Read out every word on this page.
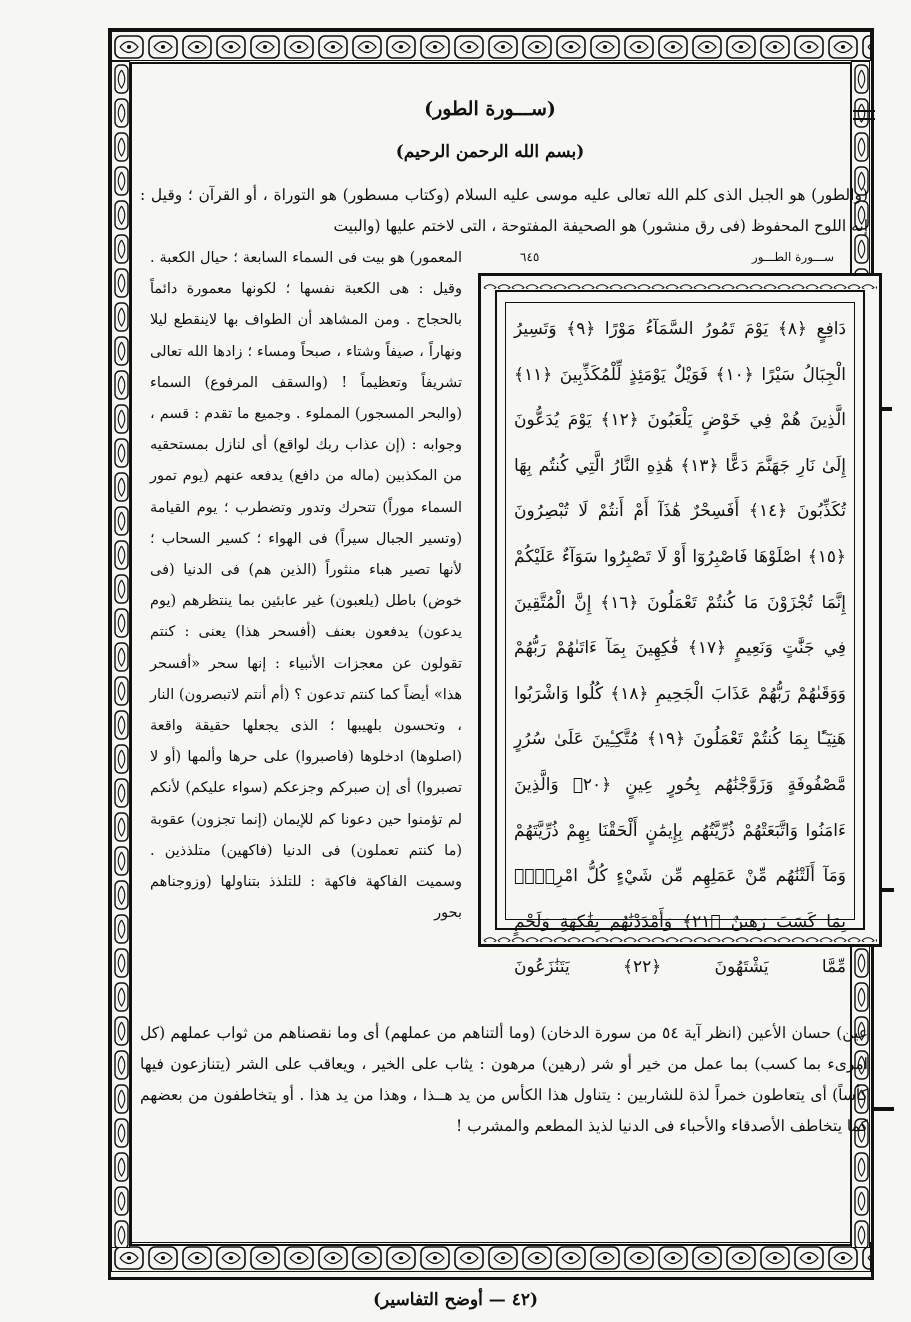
(ســـورة الطور)
(بسم الله الرحمن الرحيم)
(والطور) هو الجبل الذى كلم الله تعالى عليه موسى عليه السلام (وكتاب مسطور) هو التوراة ، أو القرآن ؛ وقيل : إنه اللوح المحفوظ (فى رق منشور) هو الصحيفة المفتوحة ، التى لاختم عليها (والبيت
٦٤٥	ســـورة الطـــور
دَافِعٍ ﴿٨﴾ يَوْمَ تَمُورُ السَّمَآءُ مَوْرًا ﴿٩﴾ وَتَسِيرُ الْجِبَالُ سَيْرًا ﴿١٠﴾ فَوَيْلٌ يَوْمَئِذٍ لِّلْمُكَذِّبِينَ ﴿١١﴾ الَّذِينَ هُمْ فِي خَوْضٍ يَلْعَبُونَ ﴿١٢﴾ يَوْمَ يُدَعُّونَ إِلَىٰ نَارِ جَهَنَّمَ دَعًّا ﴿١٣﴾ هَٰذِهِ النَّارُ الَّتِي كُنتُم بِهَا تُكَذِّبُونَ ﴿١٤﴾ أَفَسِحْرٌ هَٰذَآ أَمْ أَنتُمْ لَا تُبْصِرُونَ ﴿١٥﴾ اصْلَوْهَا فَاصْبِرُوٓا أَوْ لَا تَصْبِرُوا سَوَآءٌ عَلَيْكُمْ إِنَّمَا تُجْزَوْنَ مَا كُنتُمْ تَعْمَلُونَ ﴿١٦﴾ إِنَّ الْمُتَّقِينَ فِي جَنَّٰتٍ وَنَعِيمٍ ﴿١٧﴾ فَٰكِهِينَ بِمَآ ءَاتَىٰهُمْ رَبُّهُمْ وَوَقَىٰهُمْ رَبُّهُمْ عَذَابَ الْجَحِيمِ ﴿١٨﴾ كُلُوا وَاشْرَبُوا هَنِيٓـًٔا بِمَا كُنتُمْ تَعْمَلُونَ ﴿١٩﴾ مُتَّكِـِٔينَ عَلَىٰ سُرُرٍ مَّصْفُوفَةٍ وَزَوَّجْنَٰهُم بِحُورٍ عِينٍ ﴿٢٠﴾ وَالَّذِينَ ءَامَنُوا وَاتَّبَعَتْهُمْ ذُرِّيَّتُهُم بِإِيمَٰنٍ أَلْحَقْنَا بِهِمْ ذُرِّيَّتَهُمْ وَمَآ أَلَتْنَٰهُم مِّنْ عَمَلِهِم مِّن شَيْءٍ كُلُّ امْرِيٍٕۭ بِمَا كَسَبَ رَهِينٌ ﴿٢١﴾ وَأَمْدَدْنَٰهُم بِفَٰكِهَةٍ وَلَحْمٍ مِّمَّا يَشْتَهُونَ ﴿٢٢﴾ يَتَنَٰزَعُونَ
المعمور) هو بيت فى السماء السابعة ؛ حيال الكعبة . وقيل : هى الكعبة نفسها ؛ لكونها معمورة دائماً بالحجاج . ومن المشاهد أن الطواف بها لاينقطع ليلا ونهاراً ، صيفاً وشتاء ، صبحاً ومساء ؛ زادها الله تعالى تشريفاً وتعظيماً ! (والسقف المرفوع) السماء (والبحر المسجور) المملوء . وجميع ما تقدم : قسم ، وجوابه : (إن عذاب ربك لواقع) أى لنازل بمستحقيه من المكذبين (ماله من دافع) يدفعه عنهم (يوم تمور السماء موراً) تتحرك وتدور وتضطرب ؛ يوم القيامة (وتسير الجبال سيراً) فى الهواء ؛ كسير السحاب ؛ لأنها تصير هباء منثوراً (الذين هم) فى الدنيا (فى خوض) باطل (يلعبون) غير عابئين بما ينتظرهم (يوم يدعون) يدفعون بعنف (أفسحر هذا) يعنى : كنتم تقولون عن معجزات الأنبياء : إنها سحر «أفسحر هذا» أيضاً كما كنتم تدعون ؟ (أم أنتم لاتبصرون) النار ، وتحسون بلهيبها ؛ الذى يجعلها حقيقة واقعة (اصلوها) ادخلوها (فاصبروا) على حرها وألمها (أو لا تصبروا) أى إن صبركم وجزعكم (سواء عليكم) لأنكم لم تؤمنوا حين دعونا كم للإيمان (إنما تجزون) عقوبة (ما كنتم تعملون) فى الدنيا (فاكهين) متلذذين . وسميت الفاكهة فاكهة : للتلذذ بتناولها (وزوجناهم بحور
عين) حسان الأعين (انظر آية ٥٤ من سورة الدخان) (وما ألتناهم من عملهم) أى وما نقصناهم من ثواب عملهم (كل امرىء بما كسب) بما عمل من خير أو شر (رهين) مرهون : يثاب على الخير ، ويعاقب على الشر (يتنازعون فيها كأساً) أى يتعاطون خمراً لذة للشاربين : يتناول هذا الكأس من يد هــذا ، وهذا من يد هذا . أو يتخاطفون من بعضهم كما يتخاطف الأصدقاء والأحباء فى الدنيا لذيذ المطعم والمشرب !
(٤٢ — أوضح التفاسير)
